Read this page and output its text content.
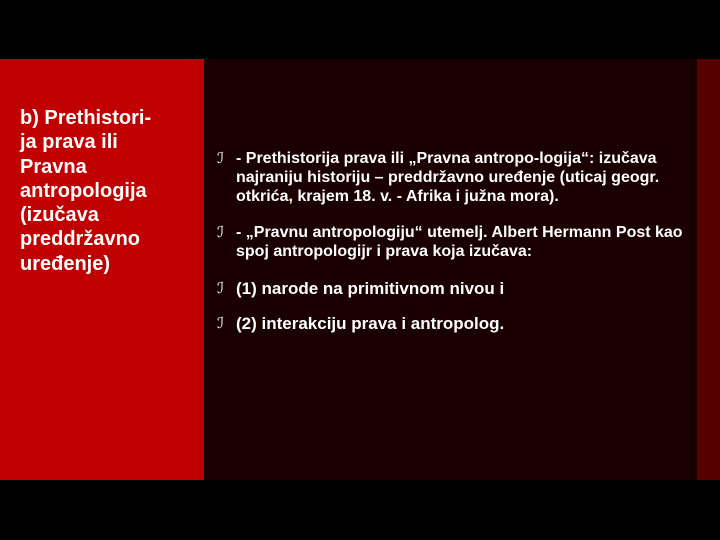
b) Prethistori-
ja prava ili
Pravna
antropologija
(izučava
preddržavno
uređenje)
ℐ - Prethistorija prava ili „Pravna antropo-logija“: izučava najraniju historiju – preddržavno uređenje (uticaj geogr. otkrića, krajem 18. v. - Afrika i južna mora).
ℐ - „Pravnu antropologiju“ utemelj. Albert Hermann Post kao spoj antropologijr i prava koja izučava:
ℐ (1) narode na primitivnom nivou i
ℐ (2) interakciju prava i antropolog.
